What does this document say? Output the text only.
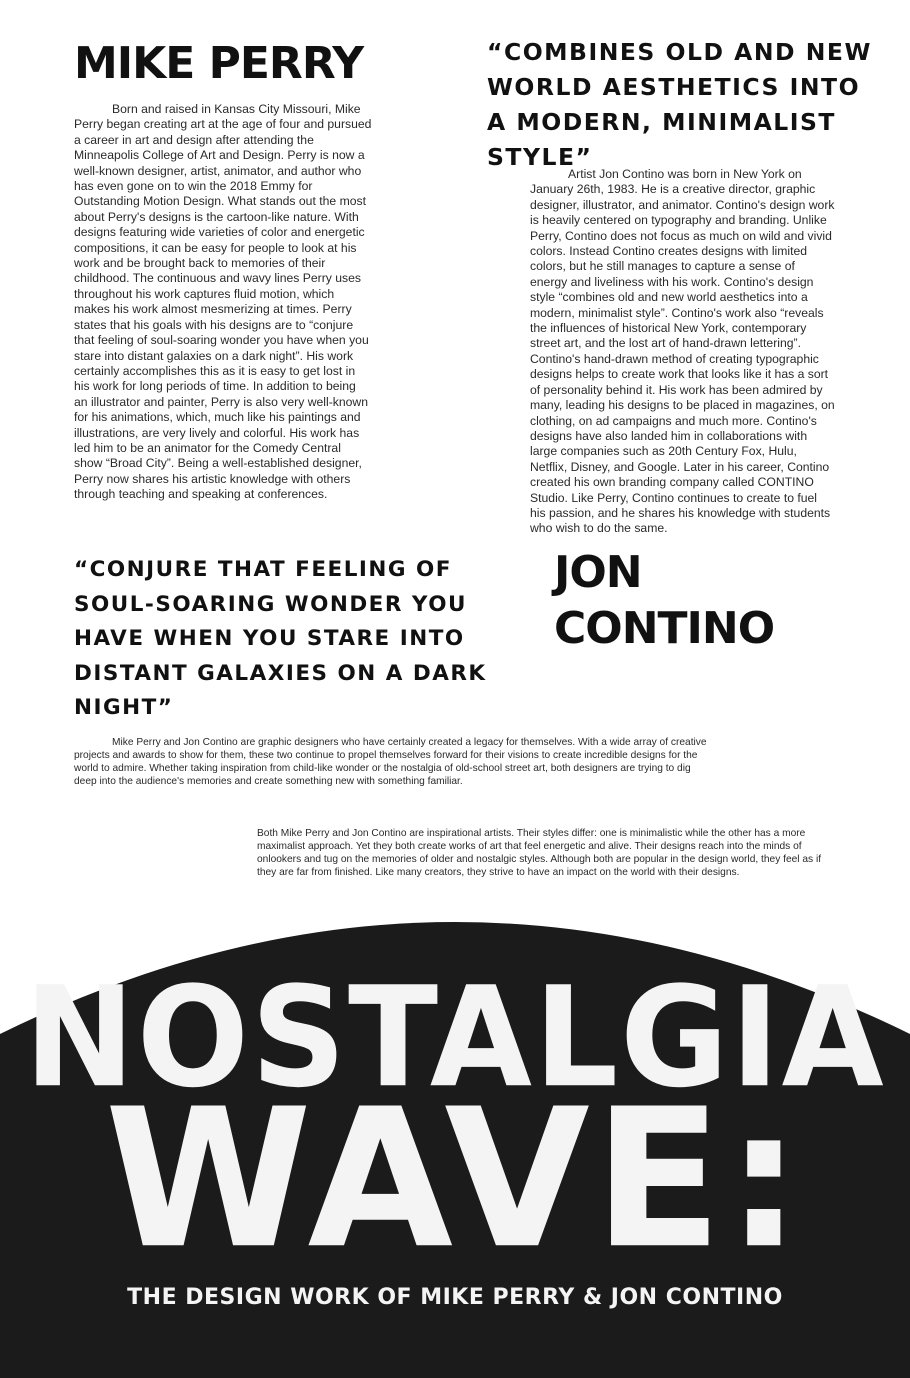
MIKE PERRY

Born and raised in Kansas City Missouri, Mike Perry began creating art at the age of four and pursued a career in art and design after attending the Minneapolis College of Art and Design. Perry is now a well-known designer, artist, animator, and author who has even gone on to win the 2018 Emmy for Outstanding Motion Design. What stands out the most about Perry's designs is the cartoon-like nature. With designs featuring wide varieties of color and energetic compositions, it can be easy for people to look at his work and be brought back to memories of their childhood. The continuous and wavy lines Perry uses throughout his work captures fluid motion, which makes his work almost mesmerizing at times. Perry states that his goals with his designs are to “conjure that feeling of soul-soaring wonder you have when you stare into distant galaxies on a dark night”. His work certainly accomplishes this as it is easy to get lost in his work for long periods of time. In addition to being an illustrator and painter, Perry is also very well-known for his animations, which, much like his paintings and illustrations, are very lively and colorful. His work has led him to be an animator for the Comedy Central show “Broad City”. Being a well-established designer, Perry now shares his artistic knowledge with others through teaching and speaking at conferences.

“COMBINES OLD AND NEW WORLD AESTHETICS INTO A MODERN, MINIMALIST STYLE”

Artist Jon Contino was born in New York on January 26th, 1983. He is a creative director, graphic designer, illustrator, and animator. Contino's design work is heavily centered on typography and branding. Unlike Perry, Contino does not focus as much on wild and vivid colors. Instead Contino creates designs with limited colors, but he still manages to capture a sense of energy and liveliness with his work. Contino's design style “combines old and new world aesthetics into a modern, minimalist style”. Contino's work also “reveals the influences of historical New York, contemporary street art, and the lost art of hand-drawn lettering”. Contino's hand-drawn method of creating typographic designs helps to create work that looks like it has a sort of personality behind it. His work has been admired by many, leading his designs to be placed in magazines, on clothing, on ad campaigns and much more. Contino's designs have also landed him in collaborations with large companies such as 20th Century Fox, Hulu, Netflix, Disney, and Google. Later in his career, Contino created his own branding company called CONTINO Studio. Like Perry, Contino continues to create to fuel his passion, and he shares his knowledge with students who wish to do the same.

“CONJURE THAT FEELING OF SOUL-SOARING WONDER YOU HAVE WHEN YOU STARE INTO DISTANT GALAXIES ON A DARK NIGHT”
JON CONTINO

Mike Perry and Jon Contino are graphic designers who have certainly created a legacy for themselves. With a wide array of creative projects and awards to show for them, these two continue to propel themselves forward for their visions to create incredible designs for the world to admire. Whether taking inspiration from child-like wonder or the nostalgia of old-school street art, both designers are trying to dig deep into the audience's memories and create something new with something familiar.

Both Mike Perry and Jon Contino are inspirational artists. Their styles differ: one is minimalistic while the other has a more maximalist approach. Yet they both create works of art that feel energetic and alive. Their designs reach into the minds of onlookers and tug on the memories of older and nostalgic styles. Although both are popular in the design world, they feel as if they are far from finished. Like many creators, they strive to have an impact on the world with their designs.

NOSTALGIA
WAVE:
THE DESIGN WORK OF MIKE PERRY & JON CONTINO
